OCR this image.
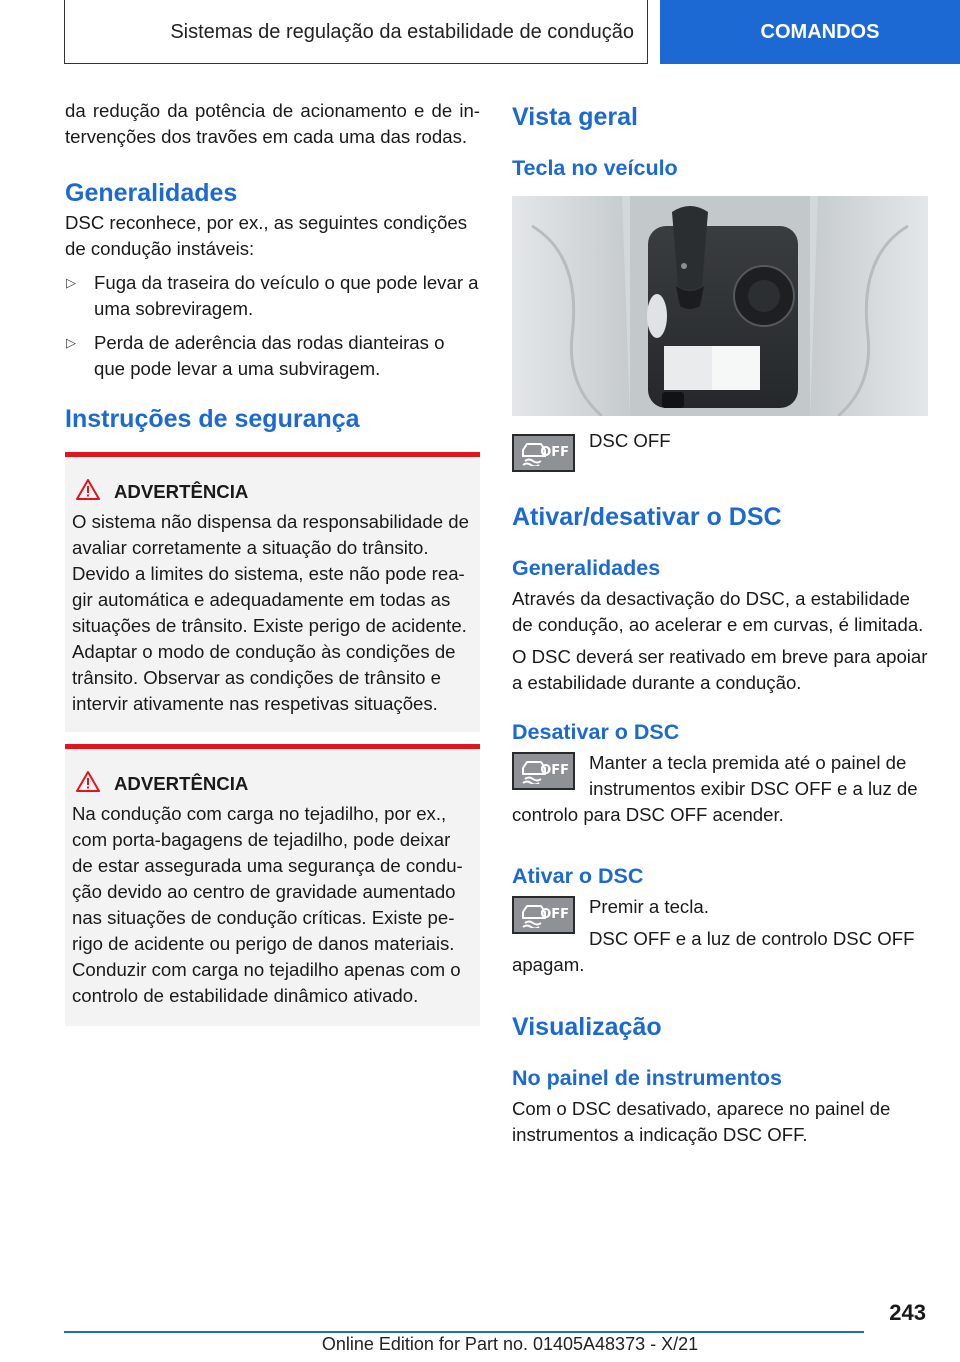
Sistemas de regulação da estabilidade de condução	COMANDOS

da redução da potência de acionamento e de in-tervenções dos travões em cada uma das rodas.

Generalidades

DSC reconhece, por ex., as seguintes condições de condução instáveis:

▷ Fuga da traseira do veículo o que pode levar a uma sobreviragem.

▷ Perda de aderência das rodas dianteiras o que pode levar a uma subviragem.

Instruções de segurança
ADVERTÊNCIA

O sistema não dispensa da responsabilidade de avaliar corretamente a situação do trânsito. Devido a limites do sistema, este não pode rea-gir automática e adequadamente em todas as situações de trânsito. Existe perigo de acidente. Adaptar o modo de condução às condições de trânsito. Observar as condições de trânsito e intervir ativamente nas respetivas situações.

ADVERTÊNCIA

Na condução com carga no tejadilho, por ex., com porta-bagagens de tejadilho, pode deixar de estar assegurada uma segurança de condu-ção devido ao centro de gravidade aumentado nas situações de condução críticas. Existe pe-rigo de acidente ou perigo de danos materiais. Conduzir com carga no tejadilho apenas com o controlo de estabilidade dinâmico ativado.

Vista geral
Tecla no veículo
OFF

DSC OFF

Ativar/desativar o DSC
Generalidades

Através da desactivação do DSC, a estabilidade de condução, ao acelerar e em curvas, é limitada.

O DSC deverá ser reativado em breve para apoiar a estabilidade durante a condução.

Desativar o DSC
OFF Manter a tecla premida até o painel de instrumentos exibir DSC OFF e a luz de

controlo para DSC OFF acender.

Ativar o DSC
OFF Premir a tecla.

DSC OFF e a luz de controlo DSC OFF

apagam.

Visualização
No painel de instrumentos

Com o DSC desativado, aparece no painel de instrumentos a indicação DSC OFF.

243
Online Edition for Part no. 01405A48373 - X/21
